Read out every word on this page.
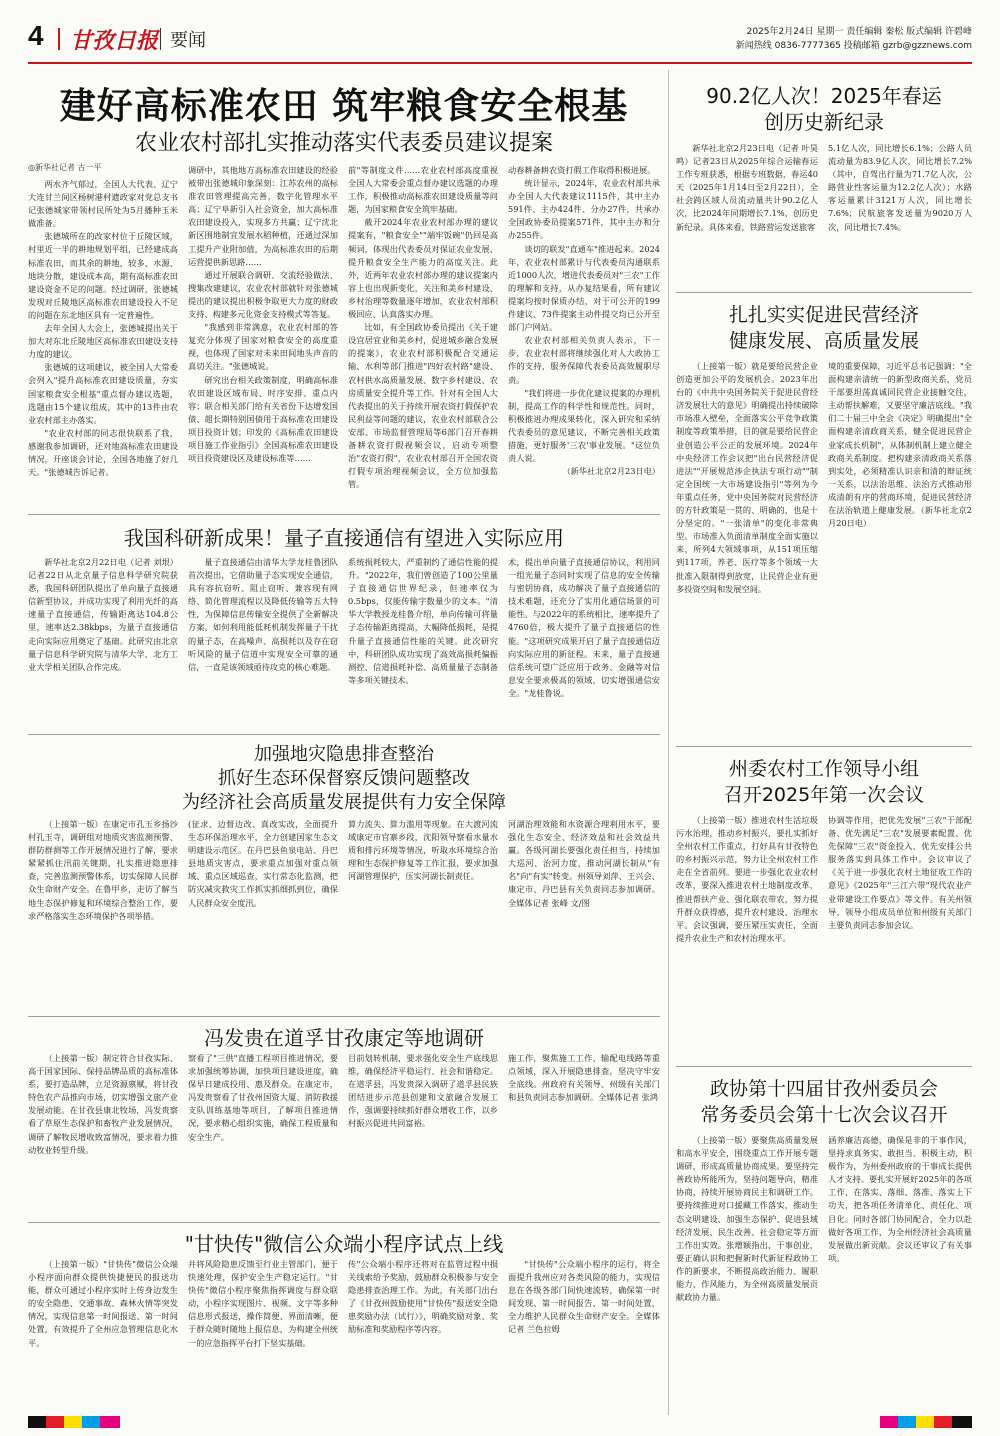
4 甘孜日报 要闻	2025年2月24日 星期一 责任编辑 秦松 版式编辑 许碧峰
新闻热线 0836-7777365 投稿邮箱 gzrb@gzznews.com
建好高标准农田 筑牢粮食安全根基
农业农村部扎实推动落实代表委员建议提案
◎新华社记者 古一平

两水齐气郁过，全国人大代表、辽宁大连甘兰间区杨树港村遗政家对党总支书记张德城家带领村民所处为5月播种玉米做准备。

张德城所在的改家村位于丘陵区域，村里近一半的耕地规划平组，已经建成高标准农田，而其余的耕地，较多、水源、地块分散，建设成本高，期有高标准农田建设资金不足的问题。经过调研，张德城发现对丘陵地区高标准农田建设投入不足的问题在东北地区具有一定普遍性。

去年全国人大会上，张德城提出关于加大对东北丘陵地区高标准农田建设支持力度的建议。

张德城的这项建议，被全国人大常委会列入"提升高标准农田建设质量，夯实国家粮食安全根基"重点督办建议选题，选题由15个建议组成，其中的13件由农业农村部主办落实。

"农业农村部的同志很快联系了我，感谢我参加调研，还对地高标准农田建设情况，开座谈会讨论，全国各地施了好几天。"张德城告诉记者。

调研中，其他地方高标准农田建设的经验被带出张德城印象深刻：江苏农州的高标准农田管理提高完善，数字化管理水平高；辽宁阜新引入社会资金，加大高标准农田建设投入，实现多方共赢；辽宁沈北新区围地制宜发展水稻种植，还通过深加工提升产业附加值，为高标准农田的后期运营提供新思路……

通过开展联合调研、交流经验做法、搜集改建建议，农业农村部就针对张德城提出的建议提出积极争取更大力度的财政支持、构建多元化资金支持模式等答复。

"我感到非常满意，农业农村部的答复充分体现了国家对粮食安全的高度重视，也体现了国家对未来田间地头声音的真切关注。"张德城说。

研究出台相关政策制度，明确高标准农田建设区域布局、时序安排、重点内容；联合相关部门给有关省份下达增发国债、超长期特别国债用于高标准农田建设项目投资计划；印发的《高标准农田建设项目施工作业指引》全国高标准农田建设项目投资建设区及建设标准等……

前"等制度文件……农业农村部高度重视全国人大常委会重点督办建议选题的办理工作，积极推动高标准农田建设质量等问题，为国家粮食安全筑牢基础。

截开2024年农业农村部办理的建议提案有，"粮食安全""端牢饭碗"仍回是高频词，体现出代表委员对保证农业发展、提升粮食安全生产能力的高度关注。此外，近两年农业农村部办理的建议提案内容上也出现新变化，关注和美乡村建设、乡村治理等数量逐年增加，农业农村部积极回应、认真落实办理。

比如，有全国政协委员提出《关于建设宜居宜业和美乡村，促进城乡融合发展的提案》，农业农村部积极配合交通运输、水利等部门推进"四好农村路"建设、农村供水高质量发展、数字乡村建设、农房质量安全提升等工作。针对有全国人大代表提出的关于持续开展农资打假保护农民利益等问题的建议，农业农村部联合公安部、市场监督管理局等6部门召开春耕备耕农资打假视频会议，启动专项整治"农资打假"，农业农村部召开全国农资打假专项治理视频会议，全方位加强监管。

动春耕备耕农资打假工作取得积极进展。

统计显示，2024年，农业农村部共承办全国人大代表建议1115件，其中主办591件、主办424件、分办27件，共承办全国政协委员提案571件，其中主办和分办255件。

谈切的联发"直通车"推进起来。2024年，农业农村部累计与代表委员沟通联系近1000人次，增进代表委员对"三农"工作的理解和支持，从办复结果看，所有建议提案均按时保质办结，对于可公开的199件建议、73件提案主动件提交均已公开至部门户网站。

农业农村部相关负责人表示，下一步，农业农村部将继续强化对人大政协工作的支持，服务保障代表委员高效履职尽责。

"我们将进一步优化建议提案的办理机制，提高工作的科学性和规范性。同时，积极推进办理成果转化，深入研究和采纳代表委员的意见建议，不断完善相关政策措施，更好服务'三农'事业发展。"这位负责人说。

（新华社北京2月23日电）

我国科研新成果！量子直接通信有望进入实际应用

新华社北京2月22日电（记者 刘垠）记者22日从北京量子信息科学研究院获悉，我国科研团队提出了单向量子直接通信新型协议，并成功实现了利用光纤的高速量子直接通信，传输距离达104.8公里，速率达2.38kbps，为量子直接通信走向实际应用奠定了基础。此研究由北京量子信息科学研究院与清华大学、北方工业大学相关团队合作完成。

量子直接通信由清华大学龙桂鲁团队首次提出，它借助量子态实现安全通信，具有容抗窃听、阻止窃听、兼容现有网络、简化管理流程以及降低传输等五大特性，为保障信息传输安全提供了全新解决方案。如何利用能低耗机制发挥量子干扰的量子态，在高噪声、高损耗以及存在窃听风险的量子信道中实现安全可靠的通信，一直是该领域亟待攻克的核心难题。

系统损耗较大，严重制约了通信性能的提升。"2022年，我们曾创造了100公里量子直接通信世界纪录，但速率仅为0.5bps，仅能传输字数量少的文本。"清华大学教授龙桂鲁介绍，单向传输可将量子态传输距离提高，大幅降低损耗，是提升量子直接通信性能的关键。此次研究中，科研团队成功实现了高效高损耗偏振测控、信道损耗补偿、高质量量子态制备等多项关键技术。

术，提出单向量子直接通信协议，利用同一组光量子态同时实现了信息的安全传输与密钥协商，成功解决了量子直接通信的技术难题，还充分了实用化通信场景的可能性。与2022年的系统相比，速率提升了4760倍，极大提升了量子直接通信的性能。"这项研究成果开启了量子直接通信迈向实际应用的新征程。未来，量子直接通信系统可望广泛应用于政务、金融等对信息安全要求极高的领域，切实增强通信安全。"龙桂鲁说。

加强地灾隐患排查整治
抓好生态环保督察反馈问题整改
为经济社会高质量发展提供有力安全保障

（上接第一版）在康定市孔玉乡扬沙村孔玉寺，调研组对地质灾害监测预警、群防群测等工作开展情况进行了解，要求紧紧抓住汛前关键期，扎实推进隐患排查，完善监测预警体系，切实保障人民群众生命财产安全。在鲁甲乡，走访了解当地生态保护修复和环境综合整治工作，要求严格落实生态环境保护各项举措。

(征求、边督边改、真改实改，全面提升生态环保治理水平，全力创建国家生态文明建设示范区。在丹巴县鱼泉电站、丹巴县地质灾害点，要求重点加强对重点领域、重点区域巡查，实行常态化监测，把防灾减灾救灾工作抓实抓细抓到位，确保人民群众安全度汛。

算力流失、算力滥用等现象。在大渡河流域康定市官寨乡段，沈阳领导察看水量水质和排污环境等情况，听取水环境综合治理和生态保护修复等工作汇报，要求加强河湖管理保护，压实河湖长制责任。

河湖治理效能和水资源合理利用水平，要强化生态安全、经济效益和社会效益共赢。各级河湖长要强化责任担当，持续加大巡河、治河力度，推动河湖长制从"有名"向"有实"转变。州领导刘萍、王兴会、康定市、丹巴县有关负责同志参加调研。全媒体记者 张峰 文/图

冯发贵在道孚甘孜康定等地调研

（上接第一版）制定符合甘孜实际、高于国家国际、保持品牌品质的高标准体系，要打造品牌，立足资源禀赋，将甘孜特色农产品推向市场，切实增强文旅产业发展动能。在甘孜县康北牧场，冯发贵察看了草原生态保护和畜牧产业发展情况，调研了解牧民增收致富情况，要求着力推动牧业转型升级。

察看了"三供"直播工程项目推进情况，要求加强统筹协调，加快项目建设进度，确保早日建成投用、惠及群众。在康定市，冯发贵察看了甘孜州国资大厦、消防救援支队训练基地等项目，了解项目推进情况，要求精心组织实施，确保工程质量和安全生产。

目前划转机制，要求强化安全生产底线思维，确保经济平稳运行、社会和谐稳定。在道孚县，冯发贵深入调研了道孚县民族团结进步示范县创建和文旅融合发展工作，强调要持续抓好群众增收工作，以乡村振兴促进共同富裕。

施工作，聚焦施工工作、输配电线路等重点领域，深入开展隐患排查，坚决守牢安全底线。州政府有关领导、州级有关部门和县负责同志参加调研。全媒体记者 张鸿

"甘快传"微信公众端小程序试点上线

（上接第一版）"甘快传"微信公众端小程序面向群众提供快捷便民的报送功能，群众可通过小程序实时上传身边发生的安全隐患、交通事故、森林火情等突发情况，实现信息第一时间报送、第一时间处置，有效提升了全州应急管理信息化水平。

并将风险隐患反馈至行业主管部门，便于快速处理，保护安全生产稳定运行。"甘快传"微信小程序聚焦指挥调度与群众联动，小程序实现图片、视频、文字等多种信息形式报送，操作简便、界面清晰，便于群众随时随地上报信息，为构建全州统一的应急指挥平台打下坚实基础。

传"公众端小程序还将对在监管过程中损关线索给予奖励，鼓励群众积极参与安全隐患排查治理工作。为此，有关部门出台了《甘孜州鼓励使用"甘快传"报送安全隐患奖励办法（试行）》，明确奖励对象、奖励标准和奖励程序等内容。

"甘快传"公众端小程序的运行，将全面提升我州应对各类风险的能力，实现信息在各级各部门间快速流转，确保第一时间发现、第一时间报告、第一时间处置，全力维护人民群众生命财产安全。全媒体记者 兰色拉姆

90.2亿人次！2025年春运
创历史新纪录

新华社北京2月23日电（记者 叶昊鸣）记者23日从2025年综合运输春运工作专班获悉，根据专班数据，春运40天（2025年1月14日至2月22日），全社会跨区域人员流动量共计90.2亿人次，比2024年同期增长7.1%，创历史新纪录。具体来看，铁路营运发送旅客

5.1亿人次，同比增长6.1%；公路人员流动量为83.9亿人次，同比增长7.2%（其中，自驾出行量为71.7亿人次，公路营业性客运量为12.2亿人次）；水路客运量累计3121万人次，同比增长7.6%；民航旅客发送量为9020万人次，同比增长7.4%。

扎扎实实促进民营经济
健康发展、高质量发展

（上接第一版）就是要给民营企业创造更加公平的发展机会。2023年出台的《中共中央国务院关于促进民营经济发展壮大的意见》明确提出持续破除市场准入壁垒，全面落实公平竞争政策制度等政策举措，目的就是要给民营企业创造公平公正的发展环境。2024年中央经济工作会议把"出台民营经济促进法""开展规范涉企执法专项行动""制定全国统一大市场建设指引"等列为今年重点任务，党中央国务院对民营经济的方针政策是一贯的、明确的，也是十分坚定的。"一张清单"的变化非常典型。市场准入负面清单制度全面实施以来，所列4大领域事项，从151项压缩到117项，养老、医疗等多个领域一大批准入限制得到放宽，让民营企业有更多投资空间和发展空间。

境的重要保障，习近平总书记强调："全面构建亲清统一的新型政商关系，党员干部要坦荡真诚同民营企业接触交往，主动帮扶解难，又要坚守廉洁底线。"我们二十届三中全会《决定》明确提出"全面构建亲清政商关系，健全促进民营企业家成长机制"，从体制机制上建立健全政商关系制度。把构建亲清政商关系落到实处，必须精准认识亲和清的辩证统一关系，以法治思维、法治方式推动形成清朗有序的营商环境，促进民营经济在法治轨道上健康发展。（新华社北京2月20日电）

州委农村工作领导小组
召开2025年第一次会议

（上接第一版）推进农村生活垃圾污水治理，推动乡村振兴，要扎实抓好全州农村工作重点，打好具有甘孜特色的乡村振兴示范，努力让全州农村工作走在全省前列。要进一步强化农业农村改革，要深入推进农村土地制度改革，推进帮扶产业、强化联农带农，努力提升群众获得感，提升农村建设、治理水平。会议强调，要压紧压实责任，全面提升农业生产和农村治理水平。

协调等作用，把优先发展"三农"干部配备、优先满足"三农"发展要素配置、优先保障"三农"资金投入、优先安排公共服务落实到具体工作中。会议审议了《关于进一步强化农村土地征收工作的意见》《2025年"三江六带"现代农业产业带建设工作要点》等文件。有关州领导、领导小组成员单位和州级有关部门主要负责同志参加会议。

政协第十四届甘孜州委员会
常务委员会第十七次会议召开

（上接第一版）要聚焦高质量发展和高水平安全，围绕重点工作开展专题调研，形成高质量协商成果。要坚持完善政协所能所为，坚持问题导向，精准协商，持续开展协商民主和调研工作。要持续推进对口援藏工作落实，推动生态文明建设、加强生态保护、促进县域经济发展、民生改善、社会稳定等方面工作出实效。张增颖指出，干事创业，要正确认识和把握新时代新征程政协工作的新要求，不断提高政治能力、履职能力、作风能力，为全州高质量发展贡献政协力量。

涵养廉洁高德，确保是非的干事作风，坚持求真务实、敢担当、积极主动，积极作为，为州委州政府的干事成长提供人才支持。要扎实开展好2025年的各项工作，在落实、落细、落准、落实上下功夫，把各项任务清单化、责任化、项目化。同时各部门协同配合，全力以赴做好各项工作，为全州经济社会高质量发展做出新贡献。会议还审议了有关事项。
